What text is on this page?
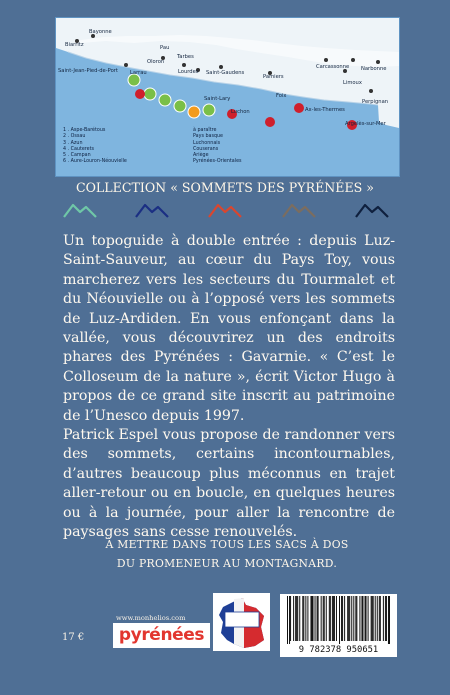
Biarritz
Bayonne
Saint-Jean-Pied-de-Port Larrau
Oloron
Pau
Tarbes
Lourdes Saint-Gaudens
Saint-Lary
Luchon
Pamiers
Foix
Carcassonne Narbonne
Limoux
Ax-les-Thermes
Perpignan
Argelès-sur-Mer
1 . Aspe-Barétous
2 . Ossau
3 . Azun
4 . Cauterets
5 . Campan
6 . Aure-Louron-Néouvielle
à paraître
Pays basque
Luchonnais
Couserans
Ariège
Pyrénées-Orientales
COLLECTION « SOMMETS DES PYRÉNÉES »

Un topoguide à double entrée : depuis Luz-Saint-Sauveur, au cœur du Pays Toy, vous marcherez vers les secteurs du Tourmalet et du Néouvielle ou à l’opposé vers les sommets de Luz-Ardiden. En vous enfonçant dans la vallée, vous découvrirez un des endroits phares des Pyrénées : Gavarnie. « C’est le Colloseum de la nature », écrit Victor Hugo à propos de ce grand site inscrit au patrimoine de l’Unesco depuis 1997.

Patrick Espel vous propose de randonner vers des sommets, certains incontournables, d’autres beaucoup plus méconnus en trajet aller-retour ou en boucle, en quelques heures ou à la journée, pour aller la rencontre de paysages sans cesse renouvelés.

À METTRE DANS TOUS LES SACS À DOS
DU PROMENEUR AU MONTAGNARD.
17 €
www.monhelios.com
pyrénées
9 782378 950651
